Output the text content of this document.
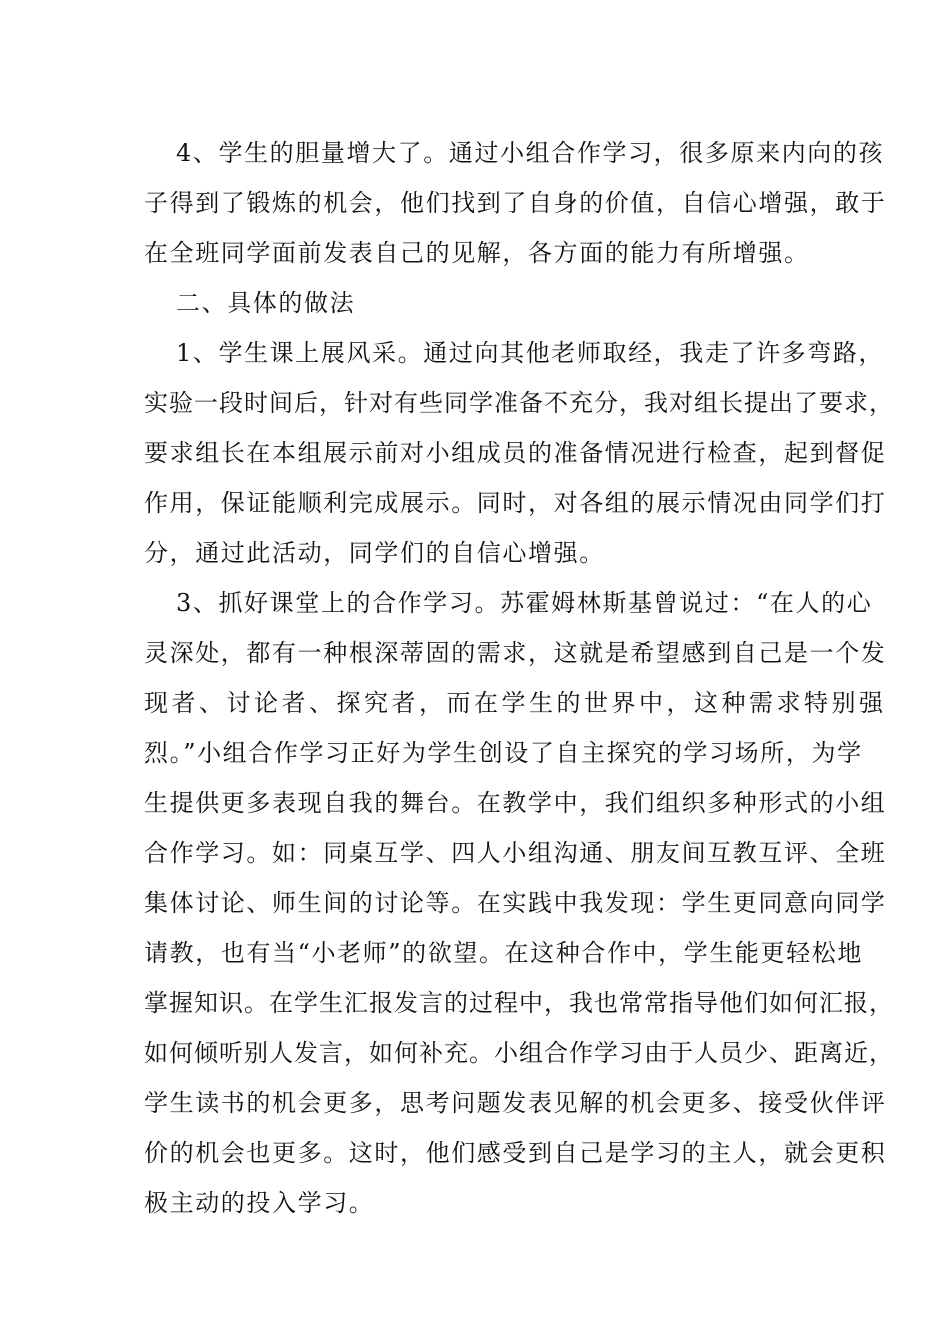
4、学生的胆量增大了。通过小组合作学习，很多原来内向的孩
子得到了锻炼的机会，他们找到了自身的价值，自信心增强，敢于
在全班同学面前发表自己的见解，各方面的能力有所增强。
二、具体的做法
1、学生课上展风采。通过向其他老师取经，我走了许多弯路，
实验一段时间后，针对有些同学准备不充分，我对组长提出了要求，
要求组长在本组展示前对小组成员的准备情况进行检查，起到督促
作用，保证能顺利完成展示。同时，对各组的展示情况由同学们打
分，通过此活动，同学们的自信心增强。
3、抓好课堂上的合作学习。苏霍姆林斯基曾说过：“在人的心
灵深处，都有一种根深蒂固的需求，这就是希望感到自己是一个发
现者、讨论者、探究者，而在学生的世界中，这种需求特别强
烈。”小组合作学习正好为学生创设了自主探究的学习场所，为学
生提供更多表现自我的舞台。在教学中，我们组织多种形式的小组
合作学习。如：同桌互学、四人小组沟通、朋友间互教互评、全班
集体讨论、师生间的讨论等。在实践中我发现：学生更同意向同学
请教，也有当“小老师”的欲望。在这种合作中，学生能更轻松地
掌握知识。在学生汇报发言的过程中，我也常常指导他们如何汇报，
如何倾听别人发言，如何补充。小组合作学习由于人员少、距离近，
学生读书的机会更多，思考问题发表见解的机会更多、接受伙伴评
价的机会也更多。这时，他们感受到自己是学习的主人，就会更积
极主动的投入学习。
